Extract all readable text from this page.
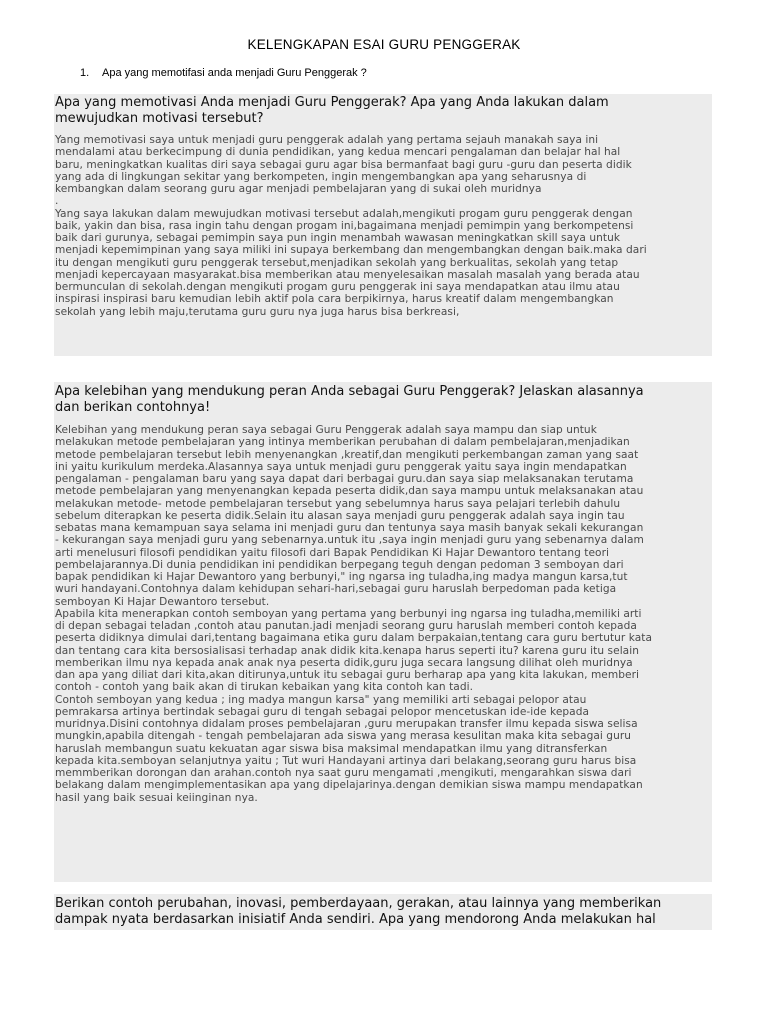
KELENGKAPAN ESAI GURU PENGGERAK
1. Apa yang memotifasi anda menjadi Guru Penggerak ?
Apa yang memotivasi Anda menjadi Guru Penggerak? Apa yang Anda lakukan dalam
mewujudkan motivasi tersebut?
Yang memotivasi saya untuk menjadi guru penggerak adalah yang pertama sejauh manakah saya ini
mendalami atau berkecimpung di dunia pendidikan, yang kedua mencari pengalaman dan belajar hal hal
baru, meningkatkan kualitas diri saya sebagai guru agar bisa bermanfaat bagi guru -guru dan peserta didik
yang ada di lingkungan sekitar yang berkompeten, ingin mengembangkan apa yang seharusnya di
kembangkan dalam seorang guru agar menjadi pembelajaran yang di sukai oleh muridnya
.
Yang saya lakukan dalam mewujudkan motivasi tersebut adalah,mengikuti progam guru penggerak dengan
baik, yakin dan bisa, rasa ingin tahu dengan progam ini,bagaimana menjadi pemimpin yang berkompetensi
baik dari gurunya, sebagai pemimpin saya pun ingin menambah wawasan meningkatkan skill saya untuk
menjadi kepemimpinan yang saya miliki ini supaya berkembang dan mengembangkan dengan baik.maka dari
itu dengan mengikuti guru penggerak tersebut,menjadikan sekolah yang berkualitas, sekolah yang tetap
menjadi kepercayaan masyarakat.bisa memberikan atau menyelesaikan masalah masalah yang berada atau
bermunculan di sekolah.dengan mengikuti progam guru penggerak ini saya mendapatkan atau ilmu atau
inspirasi inspirasi baru kemudian lebih aktif pola cara berpikirnya, harus kreatif dalam mengembangkan
sekolah yang lebih maju,terutama guru guru nya juga harus bisa berkreasi,
Apa kelebihan yang mendukung peran Anda sebagai Guru Penggerak? Jelaskan alasannya
dan berikan contohnya!
Kelebihan yang mendukung peran saya sebagai Guru Penggerak adalah saya mampu dan siap untuk
melakukan metode pembelajaran yang intinya memberikan perubahan di dalam pembelajaran,menjadikan
metode pembelajaran tersebut lebih menyenangkan ,kreatif,dan mengikuti perkembangan zaman yang saat
ini yaitu kurikulum merdeka.Alasannya saya untuk menjadi guru penggerak yaitu saya ingin mendapatkan
pengalaman - pengalaman baru yang saya dapat dari berbagai guru.dan saya siap melaksanakan terutama
metode pembelajaran yang menyenangkan kepada peserta didik,dan saya mampu untuk melaksanakan atau
melakukan metode- metode pembelajaran tersebut yang sebelumnya harus saya pelajari terlebih dahulu
sebelum diterapkan ke peserta didik.Selain itu alasan saya menjadi guru penggerak adalah saya ingin tau
sebatas mana kemampuan saya selama ini menjadi guru dan tentunya saya masih banyak sekali kekurangan
- kekurangan saya menjadi guru yang sebenarnya.untuk itu ,saya ingin menjadi guru yang sebenarnya dalam
arti menelusuri filosofi pendidikan yaitu filosofi dari Bapak Pendidikan Ki Hajar Dewantoro tentang teori
pembelajarannya.Di dunia pendidikan ini pendidikan berpegang teguh dengan pedoman 3 semboyan dari
bapak pendidikan ki Hajar Dewantoro yang berbunyi," ing ngarsa ing tuladha,ing madya mangun karsa,tut
wuri handayani.Contohnya dalam kehidupan sehari-hari,sebagai guru haruslah berpedoman pada ketiga
semboyan Ki Hajar Dewantoro tersebut.
Apabila kita menerapkan contoh semboyan yang pertama yang berbunyi ing ngarsa ing tuladha,memiliki arti
di depan sebagai teladan ,contoh atau panutan.jadi menjadi seorang guru haruslah memberi contoh kepada
peserta didiknya dimulai dari,tentang bagaimana etika guru dalam berpakaian,tentang cara guru bertutur kata
dan tentang cara kita bersosialisasi terhadap anak didik kita.kenapa harus seperti itu? karena guru itu selain
memberikan ilmu nya kepada anak anak nya peserta didik,guru juga secara langsung dilihat oleh muridnya
dan apa yang diliat dari kita,akan ditirunya,untuk itu sebagai guru berharap apa yang kita lakukan, memberi
contoh - contoh yang baik akan di tirukan kebaikan yang kita contoh kan tadi.
Contoh semboyan yang kedua ; ing madya mangun karsa" yang memiliki arti sebagai pelopor atau
pemrakarsa artinya bertindak sebagai guru di tengah sebagai pelopor mencetuskan ide-ide kepada
muridnya.Disini contohnya didalam proses pembelajaran ,guru merupakan transfer ilmu kepada siswa selisa
mungkin,apabila ditengah - tengah pembelajaran ada siswa yang merasa kesulitan maka kita sebagai guru
haruslah membangun suatu kekuatan agar siswa bisa maksimal mendapatkan ilmu yang ditransferkan
kepada kita.semboyan selanjutnya yaitu ; Tut wuri Handayani artinya dari belakang,seorang guru harus bisa
memmberikan dorongan dan arahan.contoh nya saat guru mengamati ,mengikuti, mengarahkan siswa dari
belakang dalam mengimplementasikan apa yang dipelajarinya.dengan demikian siswa mampu mendapatkan
hasil yang baik sesuai keiinginan nya.
Berikan contoh perubahan, inovasi, pemberdayaan, gerakan, atau lainnya yang memberikan
dampak nyata berdasarkan inisiatif Anda sendiri. Apa yang mendorong Anda melakukan hal
